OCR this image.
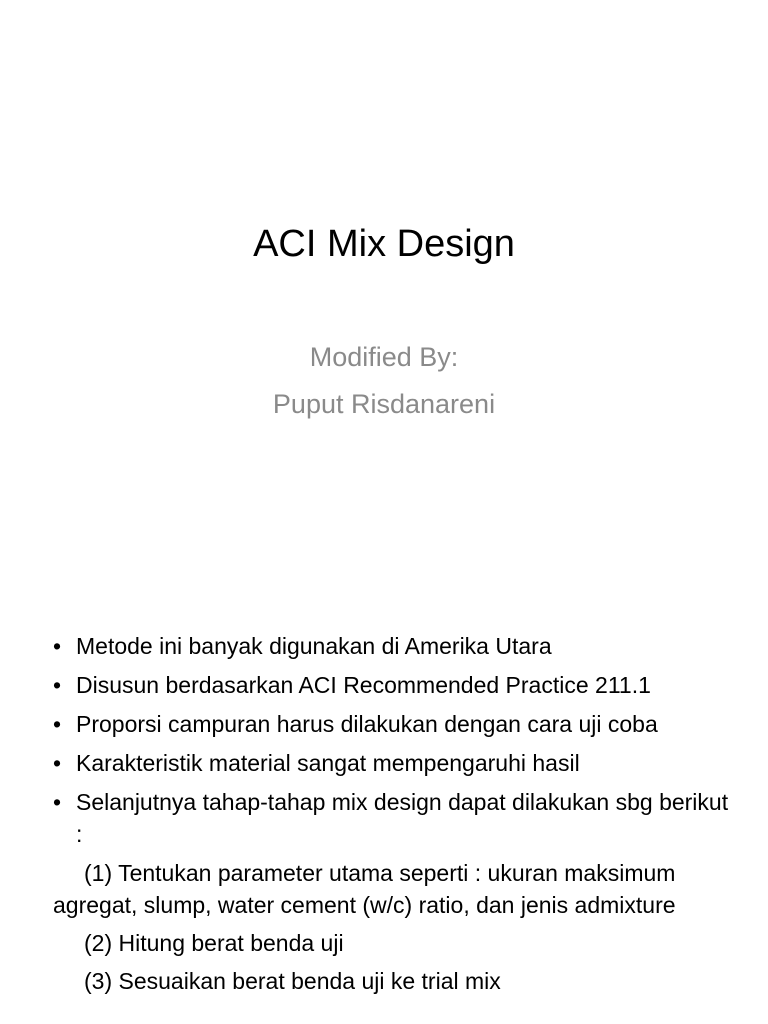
ACI Mix Design
Modified By:
Puput Risdanareni
• Metode ini banyak digunakan di Amerika Utara
• Disusun berdasarkan ACI Recommended Practice 211.1
• Proporsi campuran harus dilakukan dengan cara uji coba
• Karakteristik material sangat mempengaruhi hasil
• Selanjutnya tahap-tahap mix design dapat dilakukan sbg berikut :
(1) Tentukan parameter utama seperti : ukuran maksimum agregat, slump, water cement (w/c) ratio, dan jenis admixture
(2) Hitung berat benda uji
(3) Sesuaikan berat benda uji ke trial mix
